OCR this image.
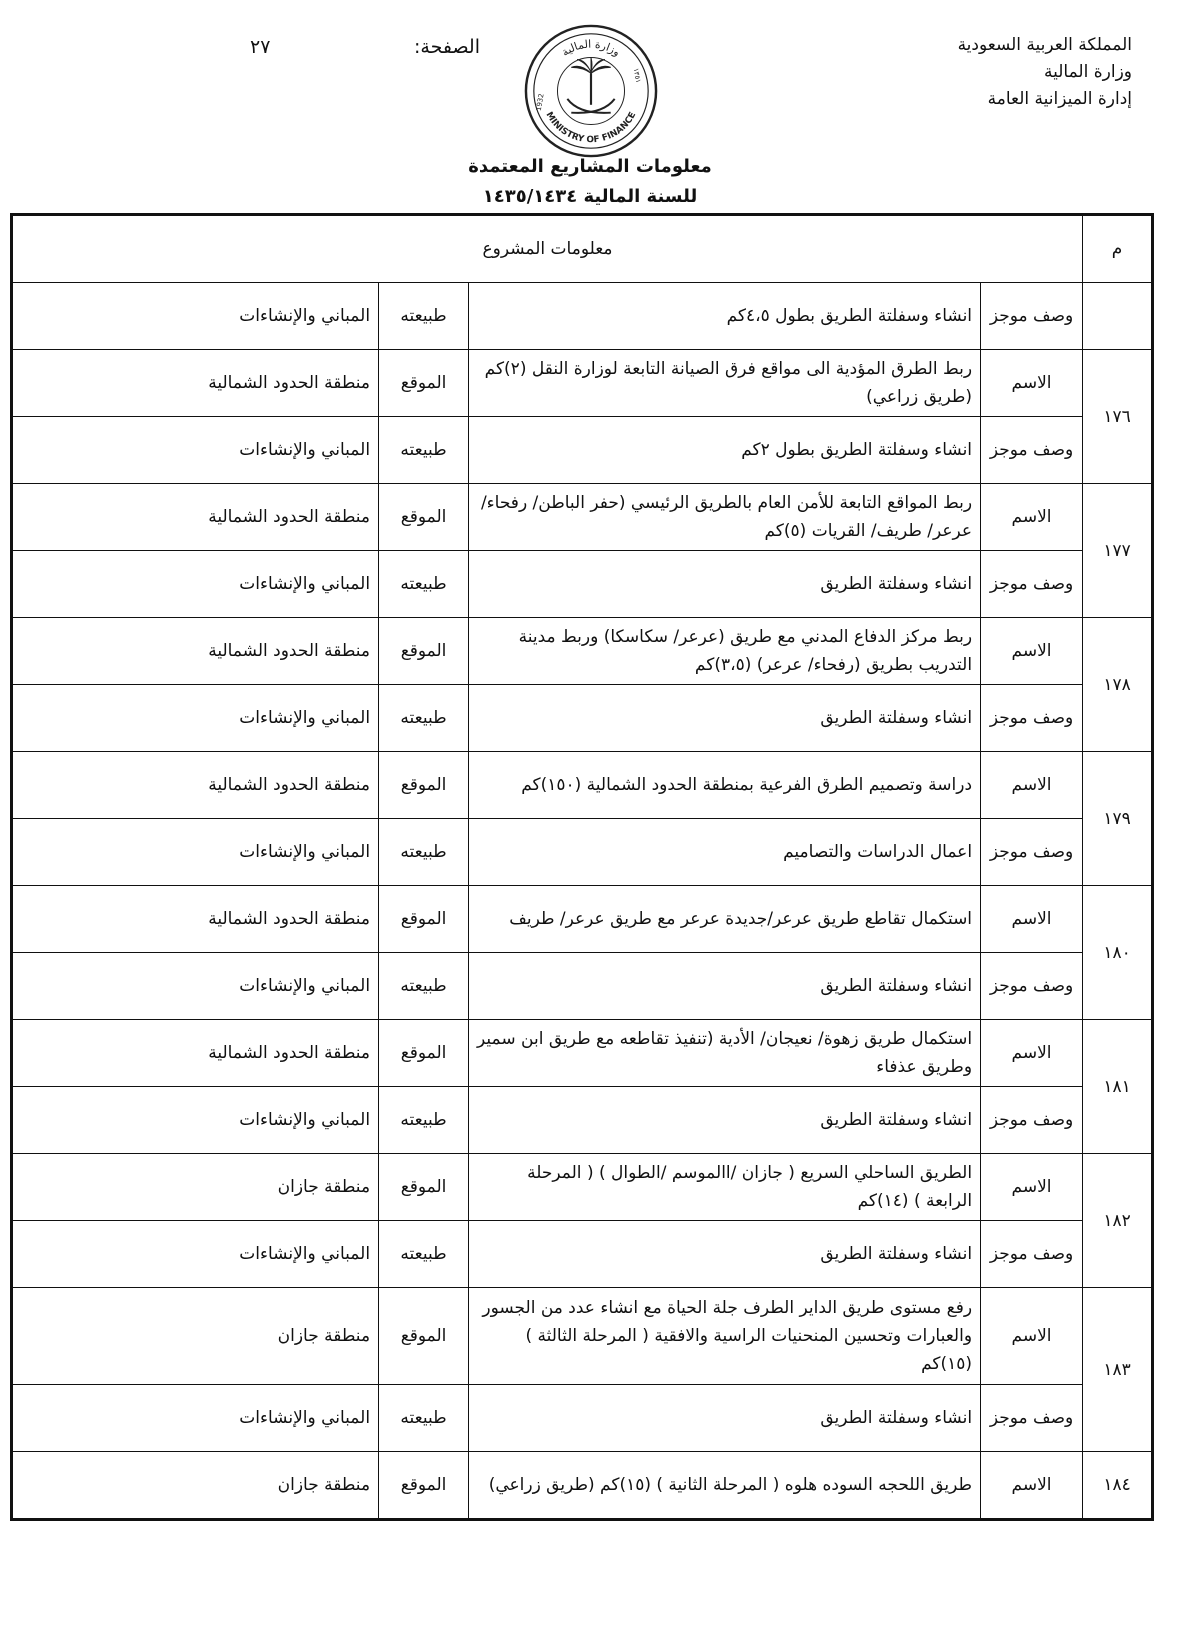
المملكة العربية السعودية
وزارة المالية
إدارة الميزانية العامة
الصفحة:
٢٧	وزارة المالية
MINISTRY OF FINANCE
1932
١٣٥١
معلومات المشاريع المعتمدة
للسنة المالية ١٤٣٥/١٤٣٤
م	معلومات المشروع			
	وصف موجز	انشاء وسفلتة الطريق بطول ٤،٥كم	طبيعته	المباني والإنشاءات
١٧٦	الاسم	ربط الطرق المؤدية الى مواقع فرق الصيانة التابعة لوزارة النقل (٢)كم (طريق زراعي)	الموقع	منطقة الحدود الشمالية
	وصف موجز	انشاء وسفلتة الطريق بطول ٢كم	طبيعته	المباني والإنشاءات
١٧٧	الاسم	ربط المواقع التابعة للأمن العام بالطريق الرئيسي (حفر الباطن/ رفحاء/ عرعر/ طريف/ القريات (٥)كم	الموقع	منطقة الحدود الشمالية
	وصف موجز	انشاء وسفلتة الطريق	طبيعته	المباني والإنشاءات
١٧٨	الاسم	ربط مركز الدفاع المدني مع طريق (عرعر/ سكاسكا) وربط مدينة التدريب بطريق (رفحاء/ عرعر) (٣،٥)كم	الموقع	منطقة الحدود الشمالية
	وصف موجز	انشاء وسفلتة الطريق	طبيعته	المباني والإنشاءات
١٧٩	الاسم	دراسة وتصميم الطرق الفرعية بمنطقة الحدود الشمالية (١٥٠)كم	الموقع	منطقة الحدود الشمالية
	وصف موجز	اعمال الدراسات والتصاميم	طبيعته	المباني والإنشاءات
١٨٠	الاسم	استكمال تقاطع طريق عرعر/جديدة عرعر مع طريق عرعر/ طريف	الموقع	منطقة الحدود الشمالية
	وصف موجز	انشاء وسفلتة الطريق	طبيعته	المباني والإنشاءات
١٨١	الاسم	استكمال طريق زهوة/ نعيجان/ الأدية (تنفيذ تقاطعه مع طريق ابن سمير وطريق عذفاء	الموقع	منطقة الحدود الشمالية
	وصف موجز	انشاء وسفلتة الطريق	طبيعته	المباني والإنشاءات
١٨٢	الاسم	الطريق الساحلي السريع ( جازان /االموسم /الطوال ) ( المرحلة الرابعة ) (١٤)كم	الموقع	منطقة جازان
	وصف موجز	انشاء وسفلتة الطريق	طبيعته	المباني والإنشاءات
١٨٣	الاسم	رفع مستوى طريق الداير الطرف جلة الحياة مع انشاء عدد من الجسور والعبارات وتحسين المنحنيات الراسية والافقية ( المرحلة الثالثة ) (١٥)كم	الموقع	منطقة جازان
	وصف موجز	انشاء وسفلتة الطريق	طبيعته	المباني والإنشاءات
١٨٤	الاسم	طريق اللحجه السوده هلوه ( المرحلة الثانية ) (١٥)كم (طريق زراعي)	الموقع	منطقة جازان
